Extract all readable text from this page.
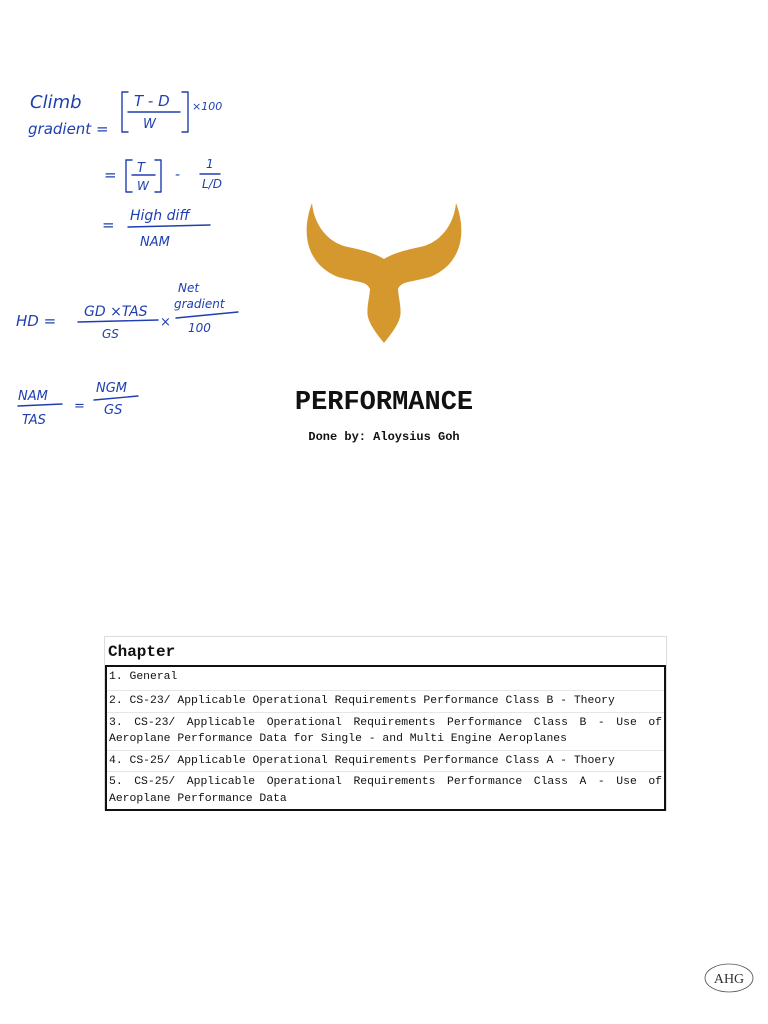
Climb
gradient =
T - D
W
×100
= T
W
-
1
L/D
= High diff
NAM
HD = GD ×TAS
GS
×
Net
gradient
100
NAM
TAS
=
NGM
GS	PERFORMANCE
Done by: Aloysius Goh
Chapter
1. General
2. CS-23/ Applicable Operational Requirements Performance Class B - Theory
3. CS-23/ Applicable Operational Requirements Performance Class B - Use of Aeroplane Performance Data for Single - and Multi Engine Aeroplanes
4. CS-25/ Applicable Operational Requirements Performance Class A - Thoery
5. CS-25/ Applicable Operational Requirements Performance Class A - Use of Aeroplane Performance Data
AHG
